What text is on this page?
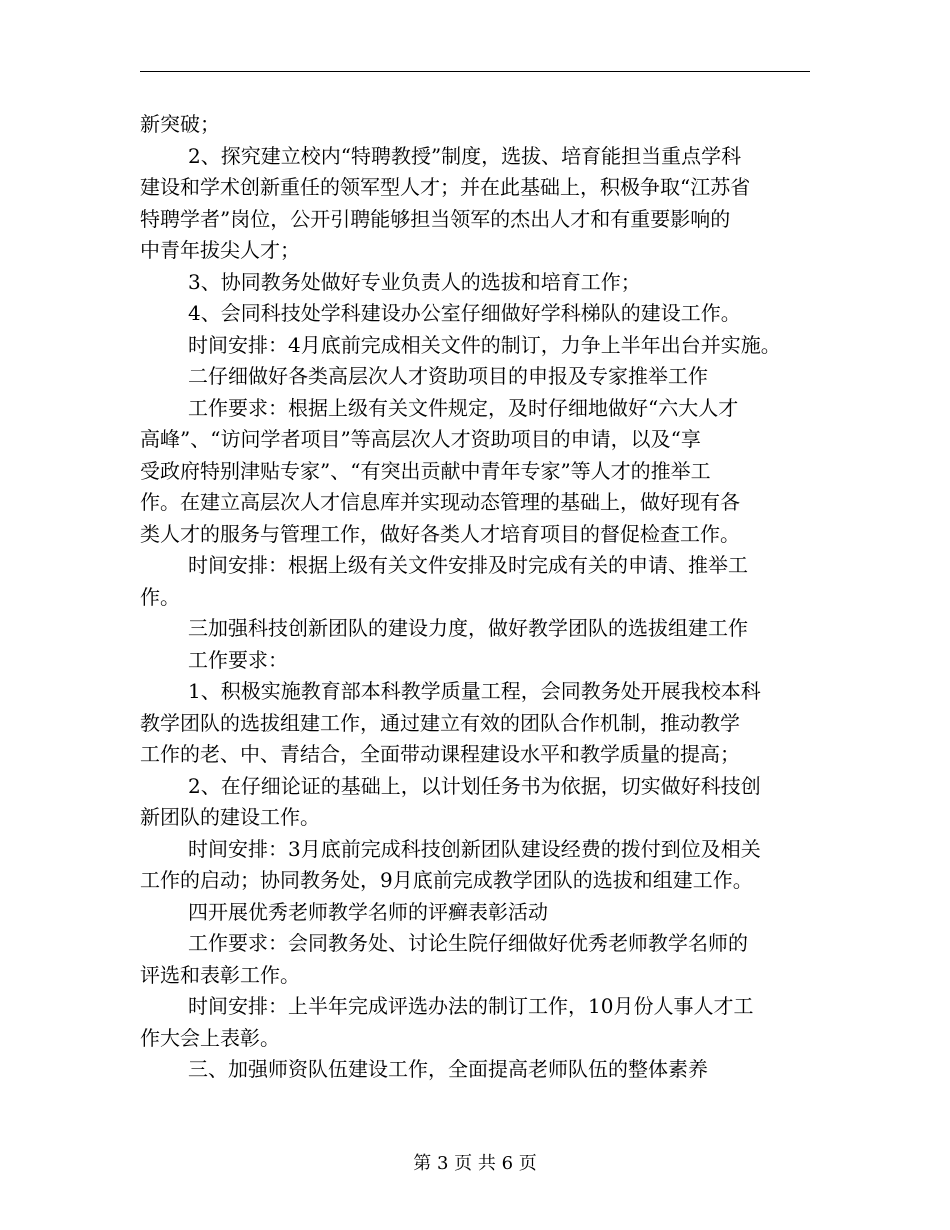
新突破；
2、探究建立校内“特聘教授”制度，选拔、培育能担当重点学科
建设和学术创新重任的领军型人才；并在此基础上，积极争取“江苏省
特聘学者”岗位，公开引聘能够担当领军的杰出人才和有重要影响的
中青年拔尖人才；
3、协同教务处做好专业负责人的选拔和培育工作；
4、会同科技处学科建设办公室仔细做好学科梯队的建设工作。
时间安排：4月底前完成相关文件的制订，力争上半年出台并实施。
二仔细做好各类高层次人才资助项目的申报及专家推举工作
工作要求：根据上级有关文件规定，及时仔细地做好“六大人才
高峰”、“访问学者项目”等高层次人才资助项目的申请，以及“享
受政府特别津贴专家”、“有突出贡献中青年专家”等人才的推举工
作。在建立高层次人才信息库并实现动态管理的基础上，做好现有各
类人才的服务与管理工作，做好各类人才培育项目的督促检查工作。
时间安排：根据上级有关文件安排及时完成有关的申请、推举工
作。
三加强科技创新团队的建设力度，做好教学团队的选拔组建工作
工作要求：
1、积极实施教育部本科教学质量工程，会同教务处开展我校本科
教学团队的选拔组建工作，通过建立有效的团队合作机制，推动教学
工作的老、中、青结合，全面带动课程建设水平和教学质量的提高；
2、在仔细论证的基础上，以计划任务书为依据，切实做好科技创
新团队的建设工作。
时间安排：3月底前完成科技创新团队建设经费的拨付到位及相关
工作的启动；协同教务处，9月底前完成教学团队的选拔和组建工作。
四开展优秀老师教学名师的评癣表彰活动
工作要求：会同教务处、讨论生院仔细做好优秀老师教学名师的
评选和表彰工作。
时间安排：上半年完成评选办法的制订工作，10月份人事人才工
作大会上表彰。
三、加强师资队伍建设工作，全面提高老师队伍的整体素养
第 3 页 共 6 页
